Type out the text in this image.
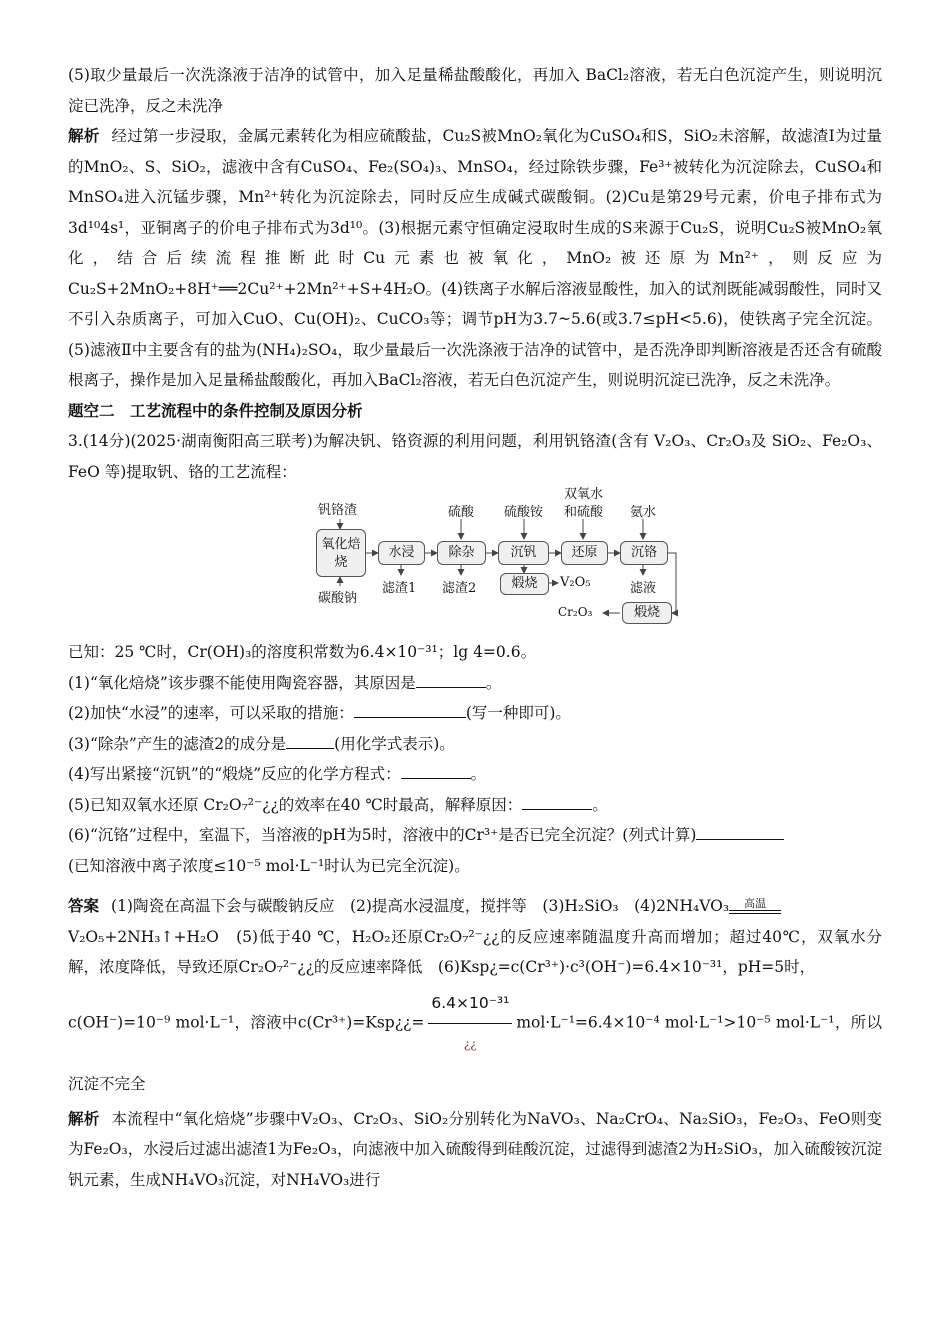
(5)取少量最后一次洗涤液于洁净的试管中，加入足量稀盐酸酸化，再加入 BaCl₂溶液，若无白色沉淀产生，则说明沉淀已洗净，反之未洗净

解析 经过第一步浸取，金属元素转化为相应硫酸盐，Cu₂S被MnO₂氧化为CuSO₄和S，SiO₂未溶解，故滤渣Ⅰ为过量的MnO₂、S、SiO₂，滤液中含有CuSO₄、Fe₂(SO₄)₃、MnSO₄，经过除铁步骤，Fe³⁺被转化为沉淀除去，CuSO₄和MnSO₄进入沉锰步骤，Mn²⁺转化为沉淀除去，同时反应生成碱式碳酸铜。(2)Cu是第29号元素，价电子排布式为3d¹⁰4s¹，亚铜离子的价电子排布式为3d¹⁰。(3)根据元素守恒确定浸取时生成的S来源于Cu₂S，说明Cu₂S被MnO₂氧化，结合后续流程推断此时Cu元素也被氧化，MnO₂被还原为Mn²⁺，则反应为Cu₂S+2MnO₂+8H⁺══2Cu²⁺+2Mn²⁺+S+4H₂O。(4)铁离子水解后溶液显酸性，加入的试剂既能减弱酸性，同时又不引入杂质离子，可加入CuO、Cu(OH)₂、CuCO₃等；调节pH为3.7~5.6(或3.7≤pH<5.6)，使铁离子完全沉淀。(5)滤液Ⅱ中主要含有的盐为(NH₄)₂SO₄，取少量最后一次洗涤液于洁净的试管中，是否洗净即判断溶液是否还含有硫酸根离子，操作是加入足量稀盐酸酸化，再加入BaCl₂溶液，若无白色沉淀产生，则说明沉淀已洗净，反之未洗净。

题空二　工艺流程中的条件控制及原因分析

3.(14分)(2025·湖南衡阳高三联考)为解决钒、铬资源的利用问题，利用钒铬渣(含有 V₂O₃、Cr₂O₃及 SiO₂、Fe₂O₃、FeO 等)提取钒、铬的工艺流程：

钒铬渣
氧化焙烧
碳酸钠
水浸
滤渣1
硫酸
除杂
滤渣2
硫酸铵
沉钒
煅烧	V₂O₅
双氧水
和硫酸
还原
氨水
沉铬
滤液
煅烧
Cr₂O₃

已知：25 ℃时，Cr(OH)₃的溶度积常数为6.4×10⁻³¹；lg 4=0.6。

(1)“氧化焙烧”该步骤不能使用陶瓷容器，其原因是	。

(2)加快“水浸”的速率，可以采取的措施：	(写一种即可)。

(3)“除杂”产生的滤渣2的成分是	(用化学式表示)。

(4)写出紧接“沉钒”的“煅烧”反应的化学方程式：	。

(5)已知双氧水还原 Cr₂O₇²⁻¿¿的效率在40 ℃时最高，解释原因：	。

(6)“沉铬”过程中，室温下，当溶液的pH为5时，溶液中的Cr³⁺是否已完全沉淀？(列式计算)

(已知溶液中离子浓度≤10⁻⁵ mol·L⁻¹时认为已完全沉淀)。

答案 (1)陶瓷在高温下会与碳酸钠反应　(2)提高水浸温度，搅拌等　(3)H₂SiO₃　(4)2NH₄VO₃	高温

V₂O₅+2NH₃↑+H₂O　(5)低于40 ℃，H₂O₂还原Cr₂O₇²⁻¿¿的反应速率随温度升高而增加；超过40℃，双氧水分解，浓度降低，导致还原Cr₂O₇²⁻¿¿的反应速率降低　(6)Ksp¿=c(Cr³⁺)·c³(OH⁻)=6.4×10⁻³¹，pH=5时，

c(OH⁻)=10⁻⁹ mol·L⁻¹，溶液中c(Cr³⁺)=Ksp¿¿= $\frac{\text{6.4×10⁻³¹}}{¿¿} mol\cdot L^{-1}=6.4\times 10^{-4}$ mol·L⁻¹>10⁻⁵ mol·L⁻¹，所以沉淀不完全

解析 本流程中“氧化焙烧”步骤中V₂O₃、Cr₂O₃、SiO₂分别转化为NaVO₃、Na₂CrO₄、Na₂SiO₃，Fe₂O₃、FeO则变为Fe₂O₃，水浸后过滤出滤渣1为Fe₂O₃，向滤液中加入硫酸得到硅酸沉淀，过滤得到滤渣2为H₂SiO₃，加入硫酸铵沉淀钒元素，生成NH₄VO₃沉淀，对NH₄VO₃进行
